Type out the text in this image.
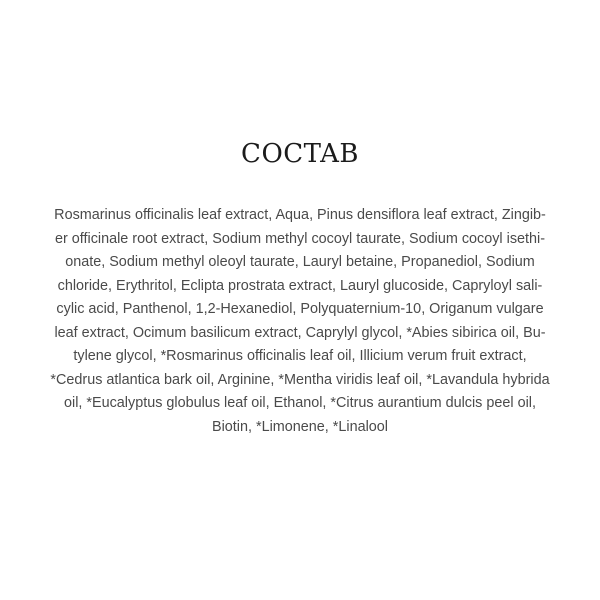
COCTAB

Rosmarinus officinalis leaf extract, Aqua, Pinus densiflora leaf extract, Zingib-
er officinale root extract, Sodium methyl cocoyl taurate, Sodium cocoyl isethi-
onate, Sodium methyl oleoyl taurate, Lauryl betaine, Propanediol, Sodium
chloride, Erythritol, Eclipta prostrata extract, Lauryl glucoside, Capryloyl sali-
cylic acid, Panthenol, 1,2-Hexanediol, Polyquaternium-10, Origanum vulgare
leaf extract, Ocimum basilicum extract, Caprylyl glycol, *Abies sibirica oil, Bu-
tylene glycol, *Rosmarinus officinalis leaf oil, Illicium verum fruit extract,
*Cedrus atlantica bark oil, Arginine, *Mentha viridis leaf oil, *Lavandula hybrida
oil, *Eucalyptus globulus leaf oil, Ethanol, *Citrus aurantium dulcis peel oil,
Biotin, *Limonene, *Linalool
